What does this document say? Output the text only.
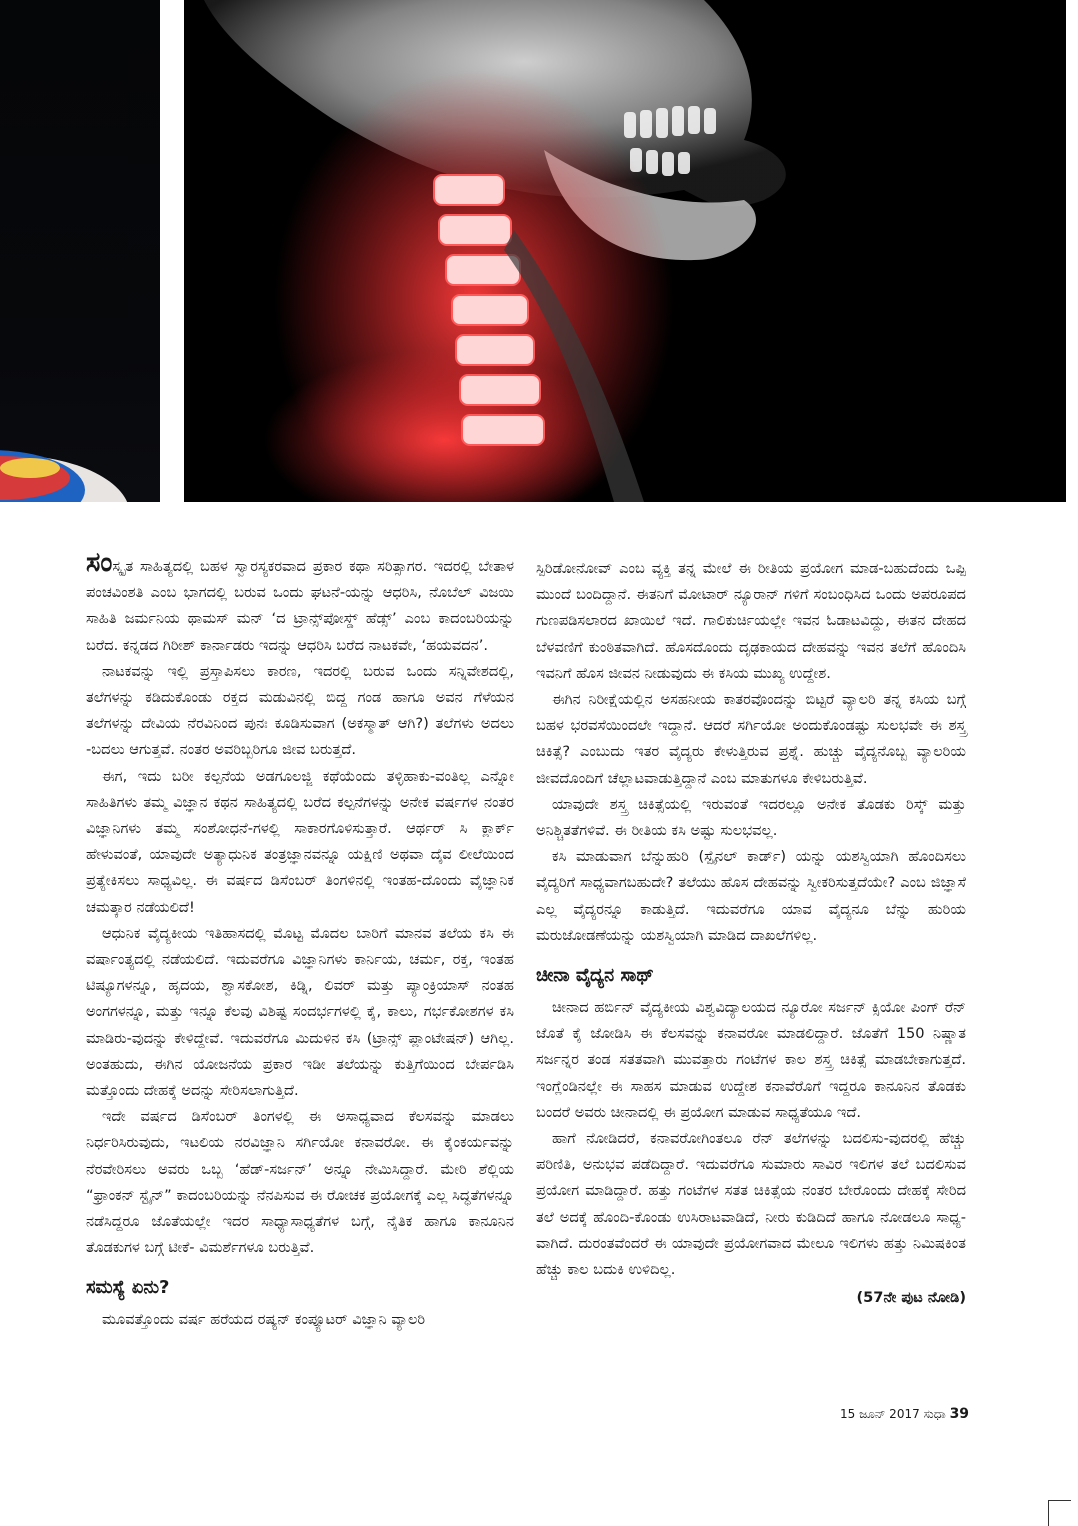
ಸಂಸ್ಕೃತ ಸಾಹಿತ್ಯದಲ್ಲಿ ಬಹಳ ಸ್ವಾರಸ್ಯಕರವಾದ ಪ್ರಕಾರ ಕಥಾ ಸರಿತ್ಸಾಗರ. ಇದರಲ್ಲಿ ಬೇತಾಳ ಪಂಚವಿಂಶತಿ ಎಂಬ ಭಾಗದಲ್ಲಿ ಬರುವ ಒಂದು ಘಟನೆ-ಯನ್ನು ಆಧರಿಸಿ, ನೊಬೆಲ್ ವಿಜಯಿ ಸಾಹಿತಿ ಜರ್ಮನಿಯ ಥಾಮಸ್ ಮನ್ ‘ದ ಟ್ರಾನ್ಸ್‌ಪೋಸ್ಡ್ ಹೆಡ್ಸ್’ ಎಂಬ ಕಾದಂಬರಿಯನ್ನು ಬರೆದ. ಕನ್ನಡದ ಗಿರೀಶ್ ಕಾರ್ನಾಡರು ಇದನ್ನು ಆಧರಿಸಿ ಬರೆದ ನಾಟಕವೇ, ‘ಹಯವದನ’.

ನಾಟಕವನ್ನು ಇಲ್ಲಿ ಪ್ರಸ್ತಾಪಿಸಲು ಕಾರಣ, ಇದರಲ್ಲಿ ಬರುವ ಒಂದು ಸನ್ನಿವೇಶದಲ್ಲಿ, ತಲೆಗಳನ್ನು ಕಡಿದುಕೊಂಡು ರಕ್ತದ ಮಡುವಿನಲ್ಲಿ ಬಿದ್ದ ಗಂಡ ಹಾಗೂ ಅವನ ಗೆಳೆಯನ ತಲೆಗಳನ್ನು ದೇವಿಯ ನೆರವಿನಿಂದ ಪುನಃ ಕೂಡಿಸುವಾಗ (ಅಕಸ್ಮಾತ್ ಆಗಿ?) ತಲೆಗಳು ಅದಲು -ಬದಲು ಆಗುತ್ತವೆ. ನಂತರ ಅವರಿಬ್ಬರಿಗೂ ಜೀವ ಬರುತ್ತದೆ.

ಈಗ, ಇದು ಬರೀ ಕಲ್ಪನೆಯ ಅಡಗೂಲಜ್ಜಿ ಕಥೆಯೆಂದು ತಳ್ಳಿಹಾಕು-ವಂತಿಲ್ಲ ಎನ್ನೋ ಸಾಹಿತಿಗಳು ತಮ್ಮ ವಿಜ್ಞಾನ ಕಥನ ಸಾಹಿತ್ಯದಲ್ಲಿ ಬರೆದ ಕಲ್ಪನೆಗಳನ್ನು ಅನೇಕ ವರ್ಷಗಳ ನಂತರ ವಿಜ್ಞಾನಿಗಳು ತಮ್ಮ ಸಂಶೋಧನೆ-ಗಳಲ್ಲಿ ಸಾಕಾರಗೊಳಿಸುತ್ತಾರೆ. ಆರ್ಥರ್ ಸಿ ಕ್ಲಾರ್ಕ್ ಹೇಳುವಂತೆ, ಯಾವುದೇ ಅತ್ಯಾಧುನಿಕ ತಂತ್ರಜ್ಞಾನವನ್ನೂ ಯಕ್ಷಿಣಿ ಅಥವಾ ದೈವ ಲೀಲೆಯಿಂದ ಪ್ರತ್ಯೇಕಿಸಲು ಸಾಧ್ಯವಿಲ್ಲ. ಈ ವರ್ಷದ ಡಿಸೆಂಬರ್ ತಿಂಗಳಿನಲ್ಲಿ ಇಂತಹ-ದೊಂದು ವೈಜ್ಞಾನಿಕ ಚಮತ್ಕಾರ ನಡೆಯಲಿದೆ!

ಆಧುನಿಕ ವೈದ್ಯಕೀಯ ಇತಿಹಾಸದಲ್ಲಿ ಮೊಟ್ಟ ಮೊದಲ ಬಾರಿಗೆ ಮಾನವ ತಲೆಯ ಕಸಿ ಈ ವರ್ಷಾಂತ್ಯದಲ್ಲಿ ನಡೆಯಲಿದೆ. ಇದುವರೆಗೂ ವಿಜ್ಞಾನಿಗಳು ಕಾರ್ನಿಯ, ಚರ್ಮ, ರಕ್ತ, ಇಂತಹ ಟಿಷ್ಯೂಗಳನ್ನೂ, ಹೃದಯ, ಶ್ವಾಸಕೋಶ, ಕಿಡ್ನಿ, ಲಿವರ್ ಮತ್ತು ಪ್ಯಾಂಕ್ರಿಯಾಸ್ ನಂತಹ ಅಂಗಗಳನ್ನೂ, ಮತ್ತು ಇನ್ನೂ ಕೆಲವು ವಿಶಿಷ್ಟ ಸಂದರ್ಭಗಳಲ್ಲಿ ಕೈ, ಕಾಲು, ಗರ್ಭಕೋಶಗಳ ಕಸಿ ಮಾಡಿರು-ವುದನ್ನು ಕೇಳಿದ್ದೇವೆ. ಇದುವರೆಗೂ ಮಿದುಳಿನ ಕಸಿ (ಟ್ರಾನ್ಸ್ ಪ್ಲಾಂಟೇಷನ್) ಆಗಿಲ್ಲ. ಅಂತಹುದು, ಈಗಿನ ಯೋಜನೆಯ ಪ್ರಕಾರ ಇಡೀ ತಲೆಯನ್ನು ಕುತ್ತಿಗೆಯಿಂದ ಬೇರ್ಪಡಿಸಿ ಮತ್ತೊಂದು ದೇಹಕ್ಕೆ ಅದನ್ನು ಸೇರಿಸಲಾಗುತ್ತಿದೆ.

ಇದೇ ವರ್ಷದ ಡಿಸೆಂಬರ್ ತಿಂಗಳಲ್ಲಿ ಈ ಅಸಾಧ್ಯವಾದ ಕೆಲಸವನ್ನು ಮಾಡಲು ನಿರ್ಧರಿಸಿರುವುದು, ಇಟಲಿಯ ನರವಿಜ್ಞಾನಿ ಸರ್ಗಿಯೋ ಕನಾವರೋ. ಈ ಕೈಂಕರ್ಯವನ್ನು ನೆರವೇರಿಸಲು ಅವರು ಒಬ್ಬ ‘ಹೆಡ್-ಸರ್ಜನ್’ ಅನ್ನೂ ನೇಮಿಸಿದ್ದಾರೆ. ಮೇರಿ ಶೆಲ್ಲಿಯ “ಫ್ರಾಂಕನ್ ಸ್ಟೈನ್” ಕಾದಂಬರಿಯನ್ನು ನೆನಪಿಸುವ ಈ ರೋಚಕ ಪ್ರಯೋಗಕ್ಕೆ ಎಲ್ಲ ಸಿದ್ಧತೆಗಳನ್ನೂ ನಡೆಸಿದ್ದರೂ ಜೊತೆಯಲ್ಲೇ ಇದರ ಸಾಧ್ಯಾಸಾಧ್ಯತೆಗಳ ಬಗ್ಗೆ, ನೈತಿಕ ಹಾಗೂ ಕಾನೂನಿನ ತೊಡಕುಗಳ ಬಗ್ಗೆ ಟೀಕೆ- ವಿಮರ್ಶೆಗಳೂ ಬರುತ್ತಿವೆ.

ಸಮಸ್ಯೆ ಏನು?

ಮೂವತ್ತೊಂದು ವರ್ಷ ಹರೆಯದ ರಷ್ಯನ್ ಕಂಪ್ಯೂಟರ್ ವಿಜ್ಞಾನಿ ವ್ಯಾಲರಿ

ಸ್ಪಿರಿಡೋನೋವ್ ಎಂಬ ವ್ಯಕ್ತಿ ತನ್ನ ಮೇಲೆ ಈ ರೀತಿಯ ಪ್ರಯೋಗ ಮಾಡ-ಬಹುದೆಂದು ಒಪ್ಪಿ ಮುಂದೆ ಬಂದಿದ್ದಾನೆ. ಈತನಿಗೆ ಮೋಟಾರ್ ನ್ಯೂರಾನ್ ಗಳಿಗೆ ಸಂಬಂಧಿಸಿದ ಒಂದು ಅಪರೂಪದ ಗುಣಪಡಿಸಲಾರದ ಖಾಯಿಲೆ ಇದೆ. ಗಾಲಿಕುರ್ಚಿಯಲ್ಲೇ ಇವನ ಓಡಾಟವಿದ್ದು, ಈತನ ದೇಹದ ಬೆಳವಣಿಗೆ ಕುಂಠಿತವಾಗಿದೆ. ಹೊಸದೊಂದು ದೃಢಕಾಯದ ದೇಹವನ್ನು ಇವನ ತಲೆಗೆ ಹೊಂದಿಸಿ ಇವನಿಗೆ ಹೊಸ ಜೀವನ ನೀಡುವುದು ಈ ಕಸಿಯ ಮುಖ್ಯ ಉದ್ದೇಶ.

ಈಗಿನ ನಿರೀಕ್ಷೆಯಲ್ಲಿನ ಅಸಹನೀಯ ಕಾತರವೊಂದನ್ನು ಬಿಟ್ಟರೆ ವ್ಯಾಲರಿ ತನ್ನ ಕಸಿಯ ಬಗ್ಗೆ ಬಹಳ ಭರವಸೆಯಿಂದಲೇ ಇದ್ದಾನೆ. ಆದರೆ ಸರ್ಗಿಯೋ ಅಂದುಕೊಂಡಷ್ಟು ಸುಲಭವೇ ಈ ಶಸ್ತ್ರ ಚಿಕಿತ್ಸೆ? ಎಂಬುದು ಇತರ ವೈದ್ಯರು ಕೇಳುತ್ತಿರುವ ಪ್ರಶ್ನೆ. ಹುಚ್ಚು ವೈದ್ಯನೊಬ್ಬ ವ್ಯಾಲರಿಯ ಜೀವದೊಂದಿಗೆ ಚೆಲ್ಲಾಟವಾಡುತ್ತಿದ್ದಾನೆ ಎಂಬ ಮಾತುಗಳೂ ಕೇಳಿಬರುತ್ತಿವೆ.

ಯಾವುದೇ ಶಸ್ತ್ರ ಚಿಕಿತ್ಸೆಯಲ್ಲಿ ಇರುವಂತೆ ಇದರಲ್ಲೂ ಅನೇಕ ತೊಡಕು ರಿಸ್ಕ್ ಮತ್ತು ಅನಿಶ್ಚಿತತೆಗಳಿವೆ. ಈ ರೀತಿಯ ಕಸಿ ಅಷ್ಟು ಸುಲಭವಲ್ಲ.

ಕಸಿ ಮಾಡುವಾಗ ಬೆನ್ನುಹುರಿ (ಸ್ಪೈನಲ್ ಕಾರ್ಡ್) ಯನ್ನು ಯಶಸ್ವಿಯಾಗಿ ಹೊಂದಿಸಲು ವೈದ್ಯರಿಗೆ ಸಾಧ್ಯವಾಗಬಹುದೇ? ತಲೆಯು ಹೊಸ ದೇಹವನ್ನು ಸ್ವೀಕರಿಸುತ್ತದೆಯೇ? ಎಂಬ ಜಿಜ್ಞಾಸೆ ಎಲ್ಲ ವೈದ್ಯರನ್ನೂ ಕಾಡುತ್ತಿದೆ. ಇದುವರೆಗೂ ಯಾವ ವೈದ್ಯನೂ ಬೆನ್ನು ಹುರಿಯ ಮರುಜೋಡಣೆಯನ್ನು ಯಶಸ್ವಿಯಾಗಿ ಮಾಡಿದ ದಾಖಲೆಗಳಿಲ್ಲ.

ಚೀನಾ ವೈದ್ಯನ ಸಾಥ್

ಚೀನಾದ ಹರ್ಬಿನ್ ವೈದ್ಯಕೀಯ ವಿಶ್ವವಿದ್ಯಾಲಯದ ನ್ಯೂರೋ ಸರ್ಜನ್ ಕ್ಸಿಯೋ ಪಿಂಗ್ ರೆನ್ ಜೊತೆ ಕೈ ಜೋಡಿಸಿ ಈ ಕೆಲಸವನ್ನು ಕನಾವರೋ ಮಾಡಲಿದ್ದಾರೆ. ಜೊತೆಗೆ 150 ನಿಷ್ಣಾತ ಸರ್ಜನ್ನರ ತಂಡ ಸತತವಾಗಿ ಮುವತ್ತಾರು ಗಂಟೆಗಳ ಕಾಲ ಶಸ್ತ್ರ ಚಿಕಿತ್ಸೆ ಮಾಡಬೇಕಾಗುತ್ತದೆ. ಇಂಗ್ಲೆಂಡಿನಲ್ಲೇ ಈ ಸಾಹಸ ಮಾಡುವ ಉದ್ದೇಶ ಕನಾವೆರೊಗೆ ಇದ್ದರೂ ಕಾನೂನಿನ ತೊಡಕು ಬಂದರೆ ಅವರು ಚೀನಾದಲ್ಲಿ ಈ ಪ್ರಯೋಗ ಮಾಡುವ ಸಾಧ್ಯತೆಯೂ ಇದೆ.

ಹಾಗೆ ನೋಡಿದರೆ, ಕನಾವರೋಗಿಂತಲೂ ರೆನ್ ತಲೆಗಳನ್ನು ಬದಲಿಸು-ವುದರಲ್ಲಿ ಹೆಚ್ಚು ಪರಿಣಿತಿ, ಅನುಭವ ಪಡೆದಿದ್ದಾರೆ. ಇದುವರೆಗೂ ಸುಮಾರು ಸಾವಿರ ಇಲಿಗಳ ತಲೆ ಬದಲಿಸುವ ಪ್ರಯೋಗ ಮಾಡಿದ್ದಾರೆ. ಹತ್ತು ಗಂಟೆಗಳ ಸತತ ಚಿಕಿತ್ಸೆಯ ನಂತರ ಬೇರೊಂದು ದೇಹಕ್ಕೆ ಸೇರಿದ ತಲೆ ಅದಕ್ಕೆ ಹೊಂದಿ-ಕೊಂಡು ಉಸಿರಾಟವಾಡಿದೆ, ನೀರು ಕುಡಿದಿದೆ ಹಾಗೂ ನೋಡಲೂ ಸಾಧ್ಯ-ವಾಗಿದೆ. ದುರಂತವೆಂದರೆ ಈ ಯಾವುದೇ ಪ್ರಯೋಗವಾದ ಮೇಲೂ ಇಲಿಗಳು ಹತ್ತು ನಿಮಿಷಕಿಂತ ಹೆಚ್ಚು ಕಾಲ ಬದುಕಿ ಉಳಿದಿಲ್ಲ.

(57ನೇ ಪುಟ ನೋಡಿ)
15 ಜೂನ್ 2017 ಸುಧಾ 39
